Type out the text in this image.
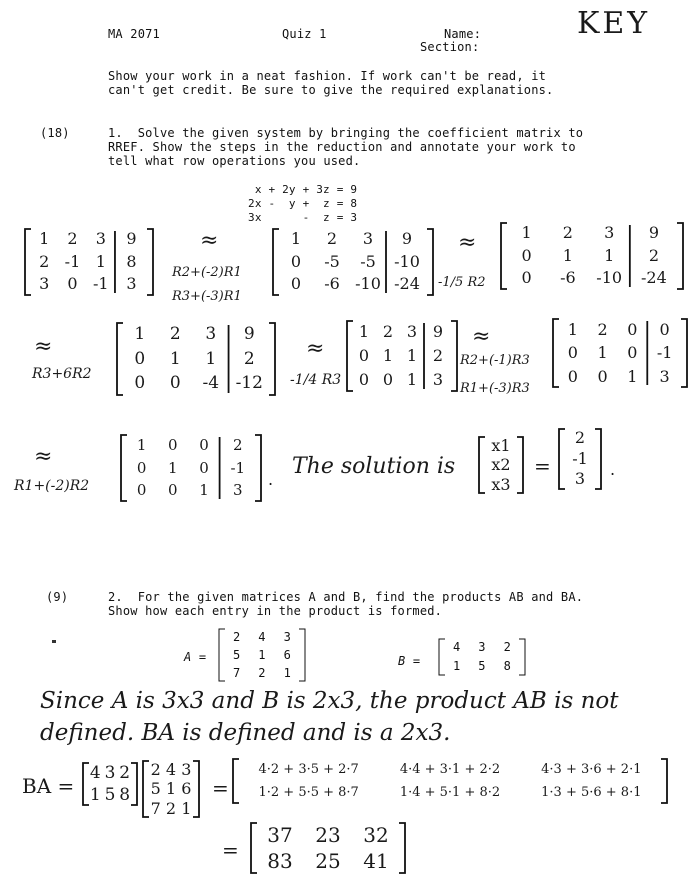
MA 2071	Quiz 1	Name:
Section:
KEY
Show your work in a neat fashion. If work can't be read, it
can't get credit. Be sure to give the required explanations.
(18)	1.  Solve the given system by bringing the coefficient matrix to
RREF. Show the steps in the reduction and annotate your work to
tell what row operations you used.
x + 2y + 3z = 9
2x -  y +  z = 8
3x      -  z = 3
1	2	3	9
2 -1 1	8
3	0 -1	3
≈
R2+(-2)R1
R3+(-3)R1
1	2	3	9
0	-5	-5	-10
0	-6 -10 -24
≈
-1/5 R2
1	2	3	9
0	1	1	2
0	-6	-10	-24
≈
R3+6R2
1	2	3	9
0	1	1	2
0	0	-4 -12
≈
-1/4 R3
1 2 3 9
0 1 1 2
0 0 1 3
≈
R2+(-1)R3
R1+(-3)R3
1	2	0	0
0	1	0	-1
0	0	1	3
≈
R1+(-2)R2
1	0	0	2
0	1	0	-1
0	0	1	3
.
The solution is
x1
x2
x3
=
2
-1
3	.
(9)	2.  For the given matrices A and B, find the products AB and BA.
Show how each entry in the product is formed.
A =
2	4	3
5	1	6
7	2	1
B =
4	3	2
1	5	8
Since A is 3x3 and B is 2x3, the product AB is not
defined. BA is defined and is a 2x3.
BA =
4 3 2
1 5 8
2 4 3
5 1 6
7 2 1
=
4·2 + 3·5 + 2·7	4·4 + 3·1 + 2·2	4·3 + 3·6 + 2·1
1·2 + 5·5 + 8·7	1·4 + 5·1 + 8·2	1·3 + 5·6 + 8·1
=
37	23	32
83	25	41
